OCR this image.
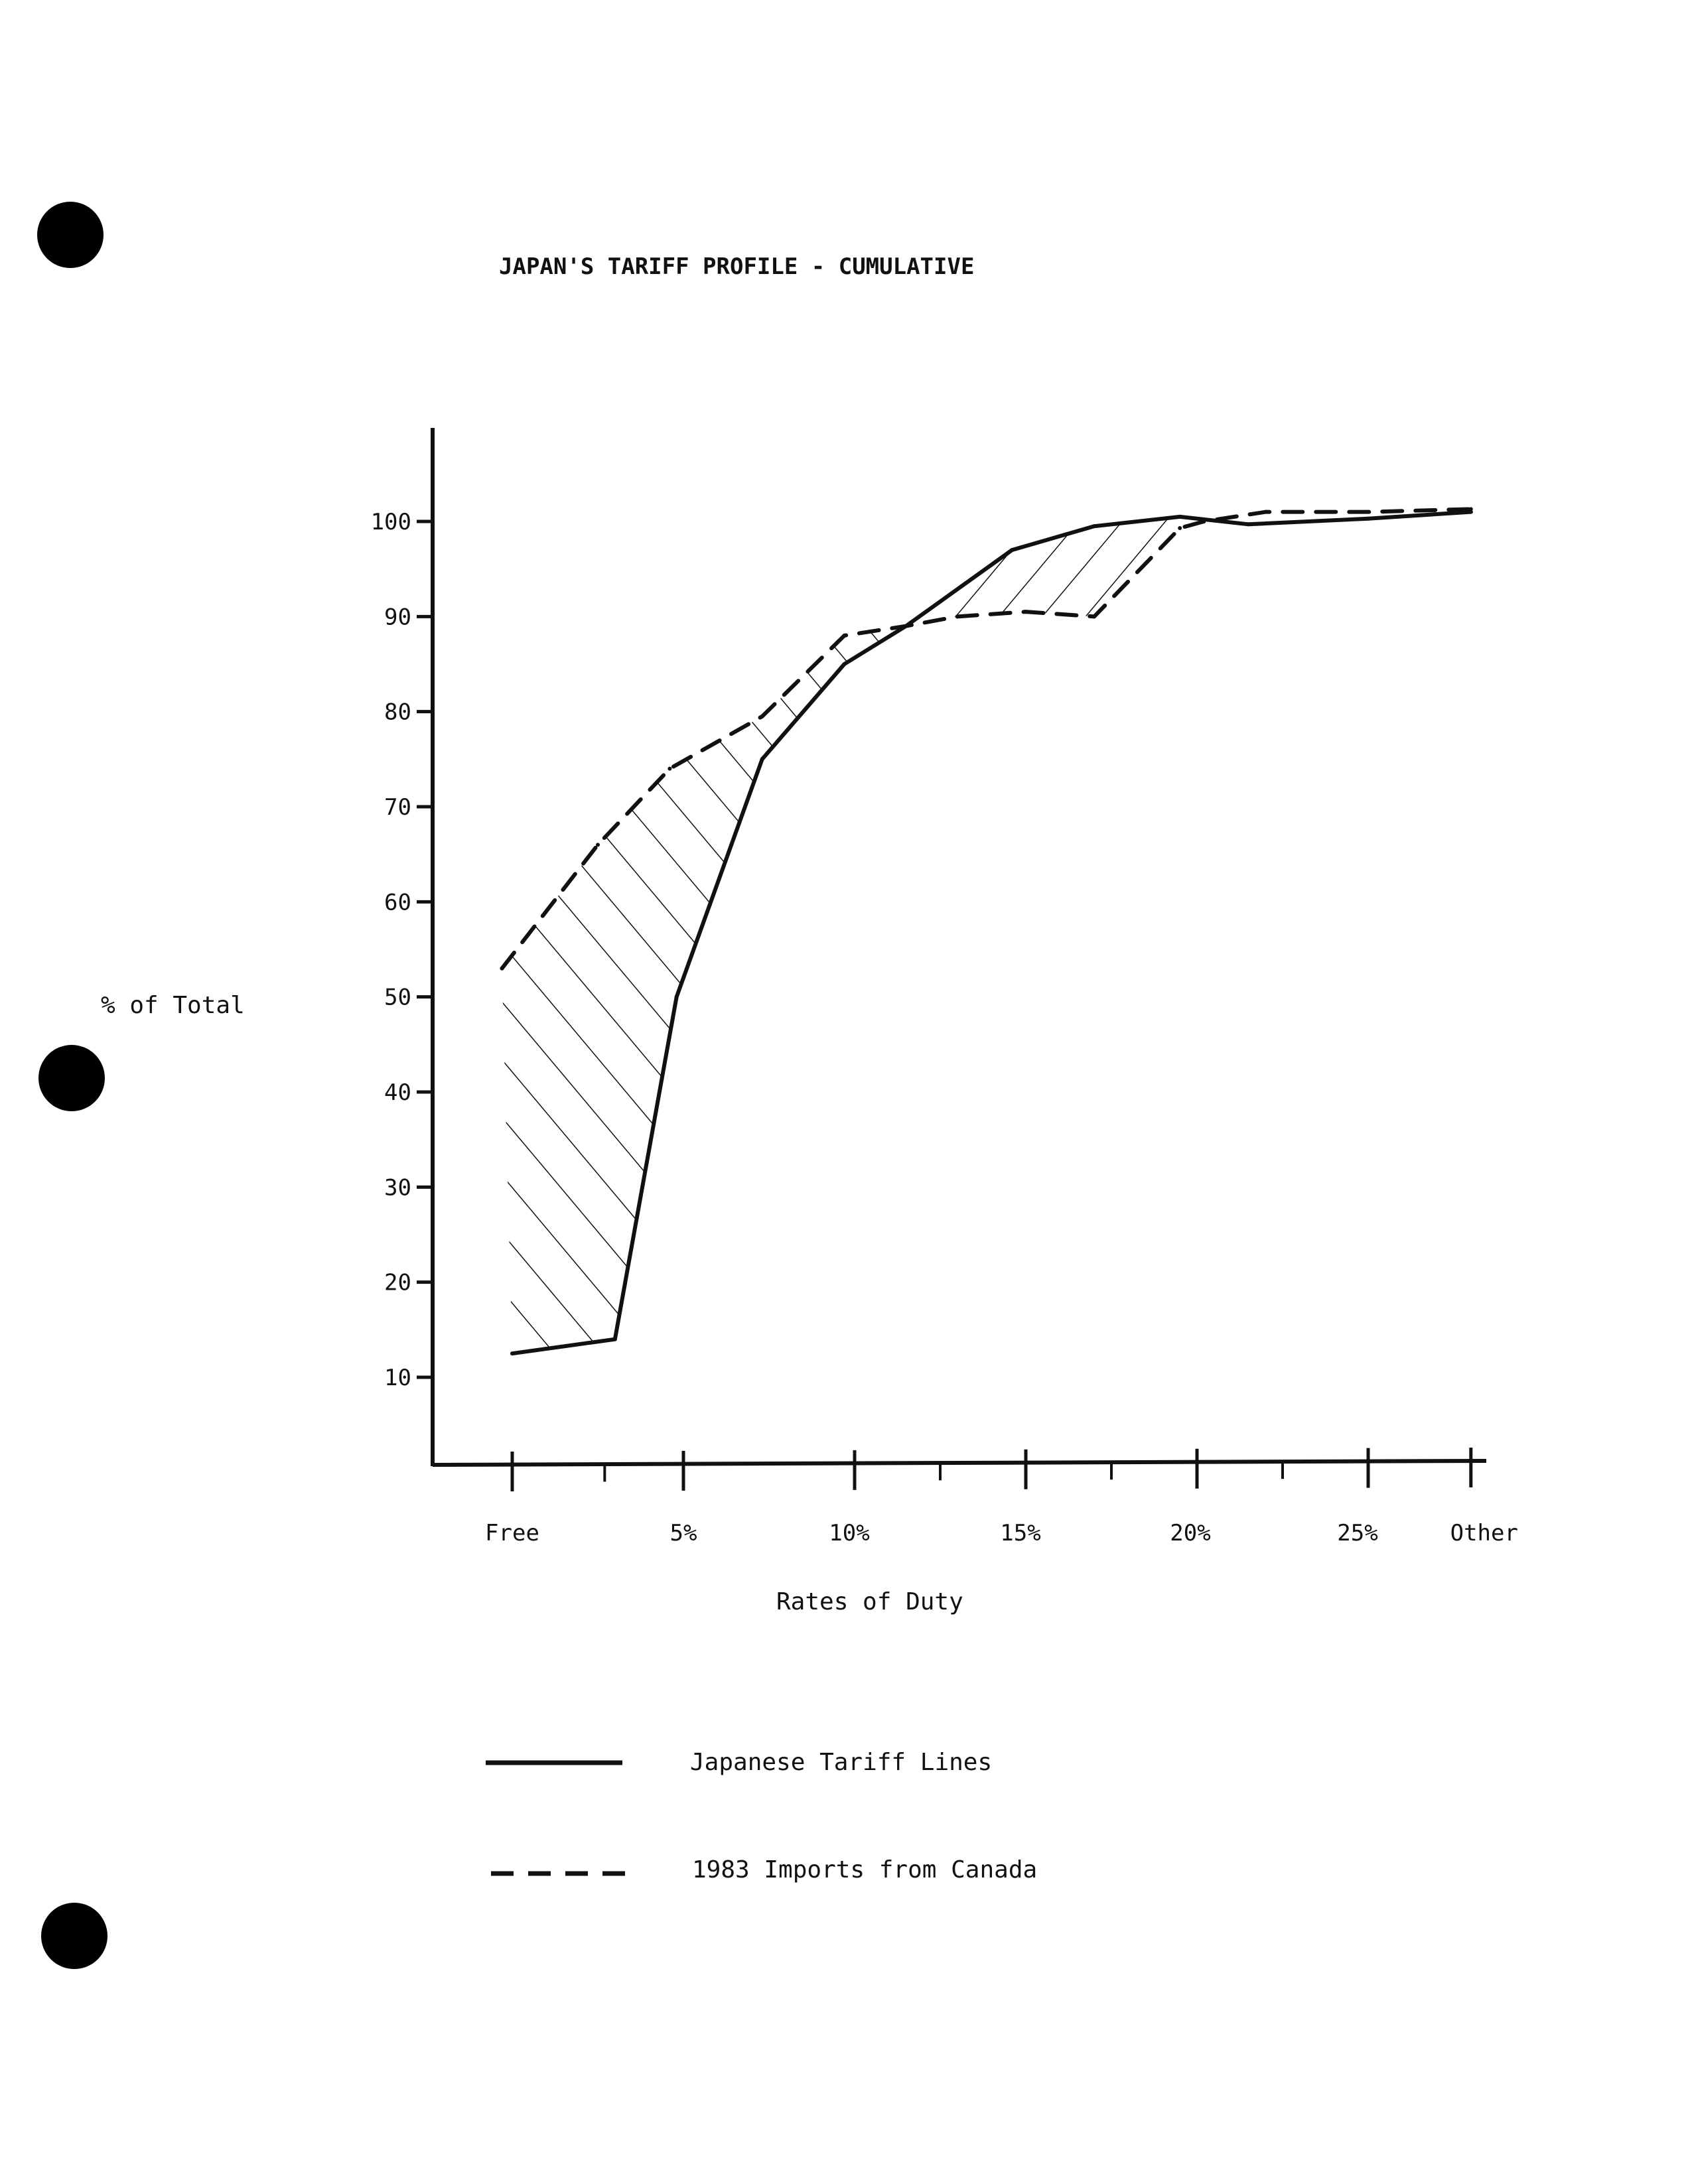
JAPAN'S TARIFF PROFILE - CUMULATIVE
10
20
30
40
50
60
70
80
90
100
Free	5%	10%	15%	20%	25%	Other
% of Total
Rates of Duty
Japanese Tariff Lines
1983 Imports from Canada
